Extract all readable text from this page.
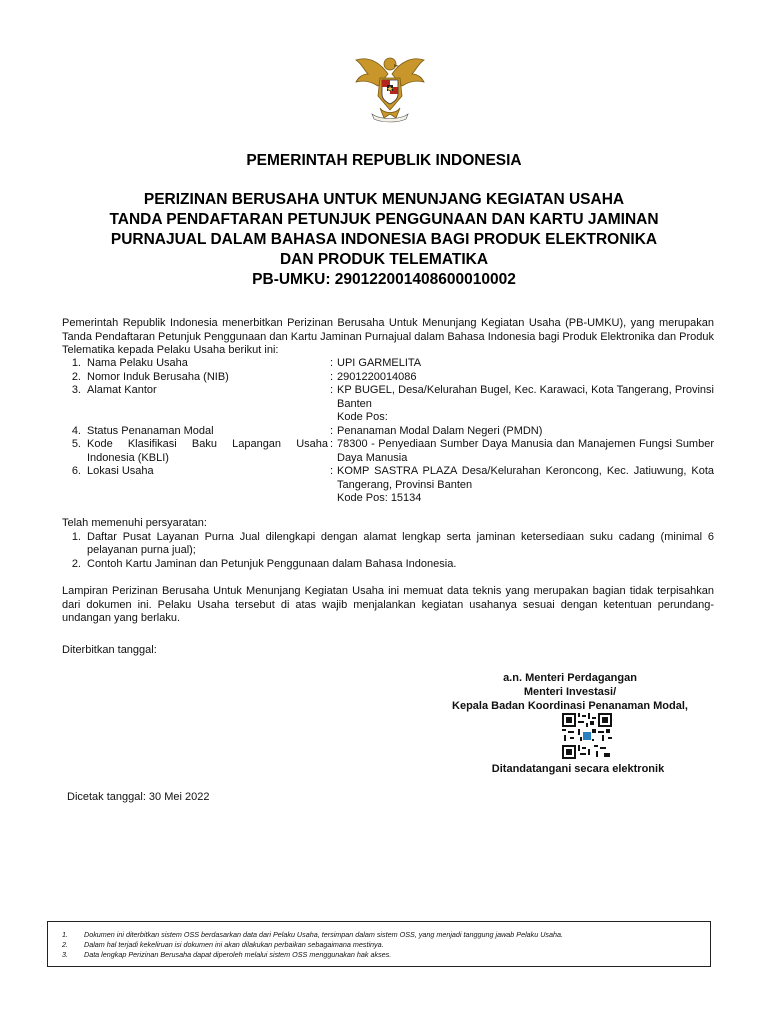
PEMERINTAH REPUBLIK INDONESIA

PERIZINAN BERUSAHA UNTUK MENUNJANG KEGIATAN USAHA
TANDA PENDAFTARAN PETUNJUK PENGGUNAAN DAN KARTU JAMINAN
PURNAJUAL DALAM BAHASA INDONESIA BAGI PRODUK ELEKTRONIKA
DAN PRODUK TELEMATIKA

PB-UMKU: 29012200140860001000​2

Pemerintah Republik Indonesia menerbitkan Perizinan Berusaha Untuk Menunjang Kegiatan Usaha (PB-UMKU), yang merupakan Tanda Pendaftaran Petunjuk Penggunaan dan Kartu Jaminan Purnajual dalam Bahasa Indonesia bagi Produk Elektronika dan Produk Telematika kepada Pelaku Usaha berikut ini:
1. Nama Pelaku Usaha	: UPI GARMELITA
2. Nomor Induk Berusaha (NIB)	: 2901220014086
3. Alamat Kantor	: KP BUGEL, Desa/Kelurahan Bugel, Kec. Karawaci, Kota Tangerang, Provinsi Banten
Kode Pos:
4. Status Penanaman Modal	: Penanaman Modal Dalam Negeri (PMDN)
5. Kode Klasifikasi Baku Lapangan Usaha Indonesia (KBLI)
: 78300 - Penyediaan Sumber Daya Manusia dan Manajemen Fungsi Sumber Daya Manusia
6. Lokasi Usaha	: KOMP SASTRA PLAZA Desa/Kelurahan Keroncong, Kec. Jatiuwung, Kota Tangerang, Provinsi Banten
Kode Pos: 15134
Telah memenuhi persyaratan:
1. Daftar Pusat Layanan Purna Jual dilengkapi dengan alamat lengkap serta jaminan ketersediaan suku cadang (minimal 6 pelayanan purna jual);
2. Contoh Kartu Jaminan dan Petunjuk Penggunaan dalam Bahasa Indonesia.
Lampiran Perizinan Berusaha Untuk Menunjang Kegiatan Usaha ini memuat data teknis yang merupakan bagian tidak terpisahkan dari dokumen ini. Pelaku Usaha tersebut di atas wajib menjalankan kegiatan usahanya sesuai dengan ketentuan perundang-undangan yang berlaku.
Diterbitkan tanggal:
a.n. Menteri Perdagangan
Menteri Investasi/
Kepala Badan Koordinasi Penanaman Modal,
Ditandatangani secara elektronik
Dicetak tanggal: 30 Mei 2022
1.	Dokumen ini diterbitkan sistem OSS berdasarkan data dari Pelaku Usaha, tersimpan dalam sistem OSS, yang menjadi tanggung jawab Pelaku Usaha.
2.	Dalam hal terjadi kekeliruan isi dokumen ini akan dilakukan perbaikan sebagaimana mestinya.
3.	Data lengkap Perizinan Berusaha dapat diperoleh melalui sistem OSS menggunakan hak akses.
